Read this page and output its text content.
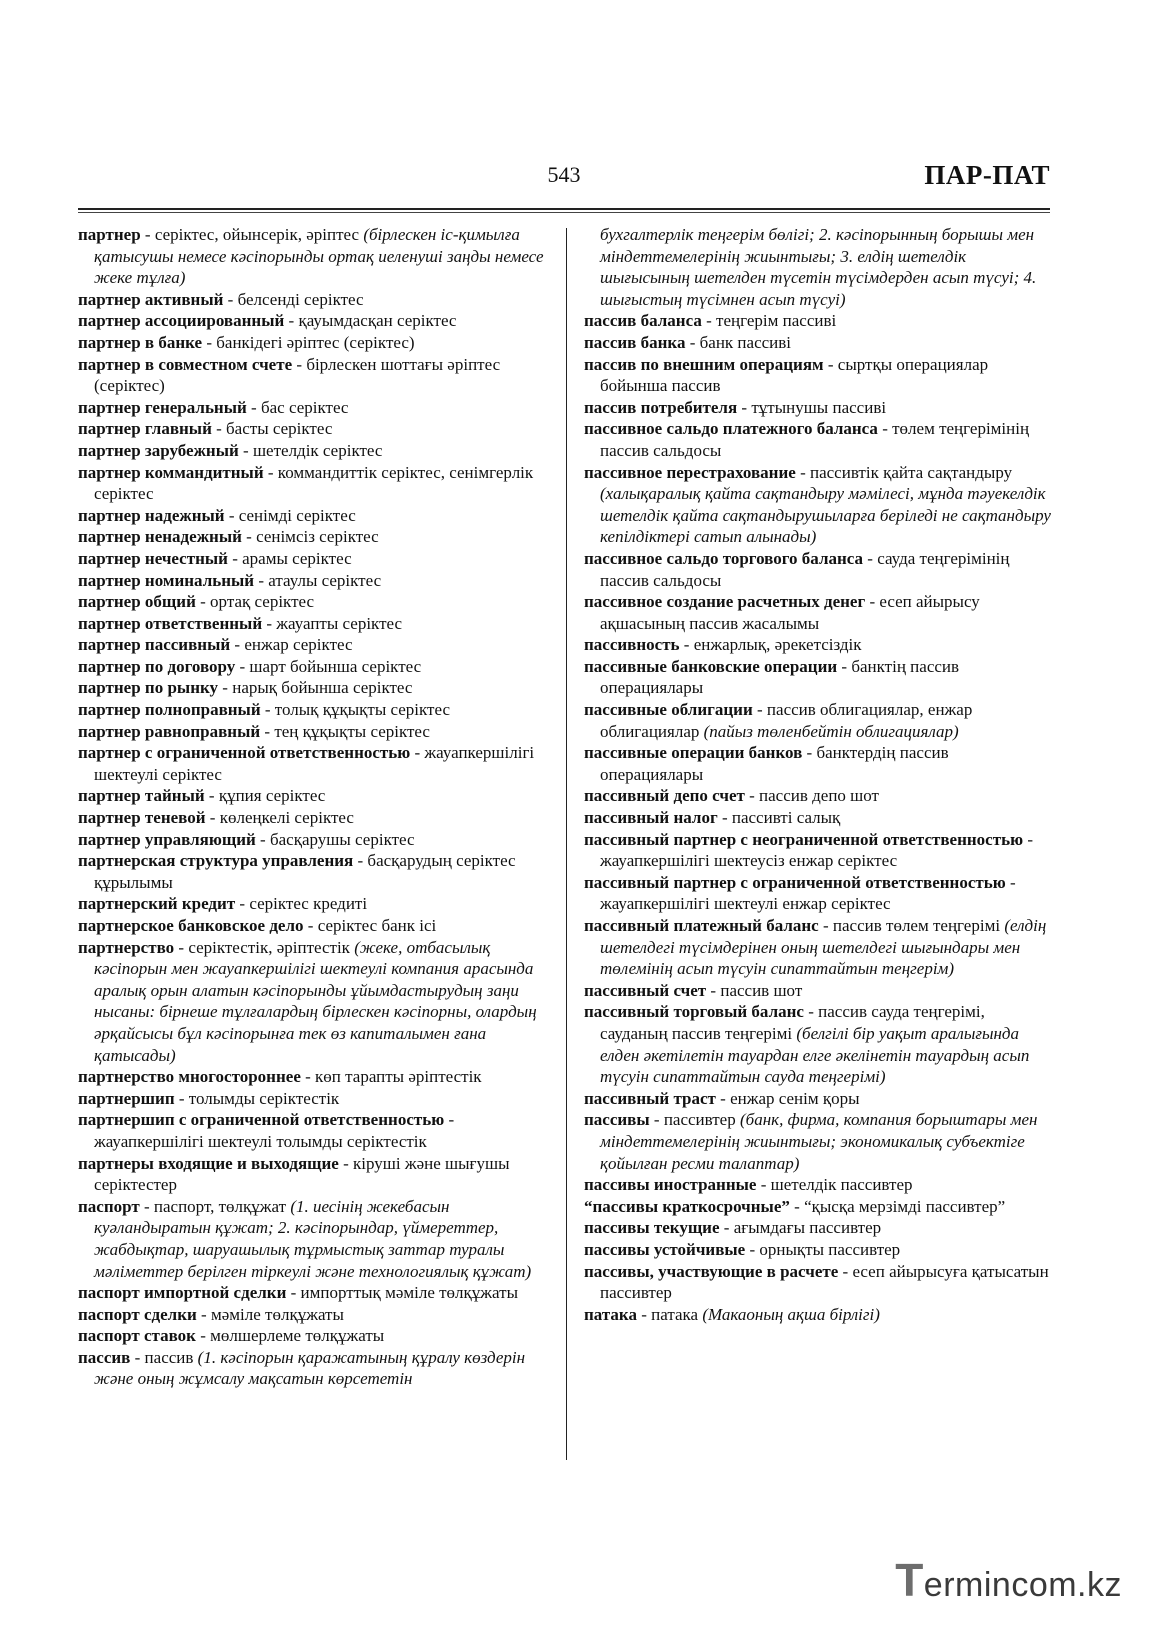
543	ПАР-ПАТ
партнер - серіктес, ойынсерік, әріптес (бірлескен іс-қимылға қатысушы немесе кәсіпорынды ортақ иеленуші заңды немесе жеке тұлға)
партнер активный - белсенді серіктес
партнер ассоциированный - қауымдасқан серіктес
партнер в банке - банкідегі әріптес (серіктес)
партнер в совместном счете - бірлескен шоттағы әріптес (серіктес)
партнер генеральный - бас серіктес
партнер главный - басты серіктес
партнер зарубежный - шетелдік серіктес
партнер коммандитный - коммандиттік серіктес, сенімгерлік серіктес
партнер надежный - сенімді серіктес
партнер ненадежный - сенімсіз серіктес
партнер нечестный - арамы серіктес
партнер номинальный - атаулы серіктес
партнер общий - ортақ серіктес
партнер ответственный - жауапты серіктес
партнер пассивный - енжар серіктес
партнер по договору - шарт бойынша серіктес
партнер по рынку - нарық бойынша серіктес
партнер полноправный - толық құқықты серіктес
партнер равноправный - тең құқықты серіктес
партнер с ограниченной ответственностью - жауапкершілігі шектеулі серіктес
партнер тайный - құпия серіктес
партнер теневой - көлеңкелі серіктес
партнер управляющий - басқарушы серіктес
партнерская структура управления - басқарудың серіктес құрылымы
партнерский кредит - серіктес кредиті
партнерское банковское дело - серіктес банк ісі
партнерство - серіктестік, әріптестік (жеке, отбасылық кәсіпорын мен жауапкершілігі шектеулі компания арасында аралық орын алатын кәсіпорынды ұйымдастырудың заңи нысаны: бірнеше тұлғалардың бірлескен кәсіпорны, олардың әрқайсысы бұл кәсіпорынға тек өз капиталымен ғана қатысады)
партнерство многостороннее - көп тарапты әріптестік
партнершип - толымды серіктестік
партнершип с ограниченной ответственностью - жауапкершілігі шектеулі толымды серіктестік
партнеры входящие и выходящие - кіруші және шығушы серіктестер
паспорт - паспорт, төлқұжат (1. иесінің жекебасын куәландыратын құжат; 2. кәсіпорындар, үймереттер, жабдықтар, шаруашылық тұрмыстық заттар туралы мәліметтер берілген тіркеулі және технологиялық құжат)
паспорт импортной сделки - импорттық мәміле төлқұжаты
паспорт сделки - мәміле төлқұжаты
паспорт ставок - мөлшерлеме төлқұжаты
пассив - пассив (1. кәсіпорын қаражатының құралу көздерін және оның жұмсалу мақсатын көрсететін
бухгалтерлік теңгерім бөлігі; 2. кәсіпорынның борышы мен міндеттемелерінің жиынтығы; 3. елдің шетелдік шығысының шетелден түсетін түсімдерден асып түсуі; 4. шығыстың түсімнен асып түсуі)
пассив баланса - теңгерім пассиві
пассив банка - банк пассиві
пассив по внешним операциям - сыртқы операциялар бойынша пассив
пассив потребителя - тұтынушы пассиві
пассивное сальдо платежного баланса - төлем теңгерімінің пассив сальдосы
пассивное перестрахование - пассивтік қайта сақтандыру (халықаралық қайта сақтандыру мәмілесі, мұнда тәуекелдік шетелдік қайта сақтандырушыларға беріледі не сақтандыру кепілдіктері сатып алынады)
пассивное сальдо торгового баланса - сауда теңгерімінің пассив сальдосы
пассивное создание расчетных денег - есеп айырысу ақшасының пассив жасалымы
пассивность - енжарлық, әрекетсіздік
пассивные банковские операции - банктің пассив операциялары
пассивные облигации - пассив облигациялар, енжар облигациялар (пайыз төленбейтін облигациялар)
пассивные операции банков - банктердің пассив операциялары
пассивный депо счет - пассив депо шот
пассивный налог - пассивті салық
пассивный партнер с неограниченной ответственностью - жауапкершілігі шектеусіз енжар серіктес
пассивный партнер с ограниченной ответственностью - жауапкершілігі шектеулі енжар серіктес
пассивный платежный баланс - пассив төлем теңгерімі (елдің шетелдегі түсімдерінен оның шетелдегі шығындары мен төлемінің асып түсуін сипаттайтын теңгерім)
пассивный счет - пассив шот
пассивный торговый баланс - пассив сауда теңгерімі, сауданың пассив теңгерімі (белгілі бір уақыт аралығында елден әкетілетін тауардан елге әкелінетін тауардың асып түсуін сипаттайтын сауда теңгерімі)
пассивный траст - енжар сенім қоры
пассивы - пассивтер (банк, фирма, компания борыштары мен міндеттемелерінің жиынтығы; экономикалық субъектіге қойылған ресми талаптар)
пассивы иностранные - шетелдік пассивтер
“пассивы краткосрочные” - “қысқа мерзімді пассивтер”
пассивы текущие - ағымдағы пассивтер
пассивы устойчивые - орнықты пассивтер
пассивы, участвующие в расчете - есеп айырысуға қатысатын пассивтер
патака - патака (Макаоның ақша бірлігі)
Termincom.kz
